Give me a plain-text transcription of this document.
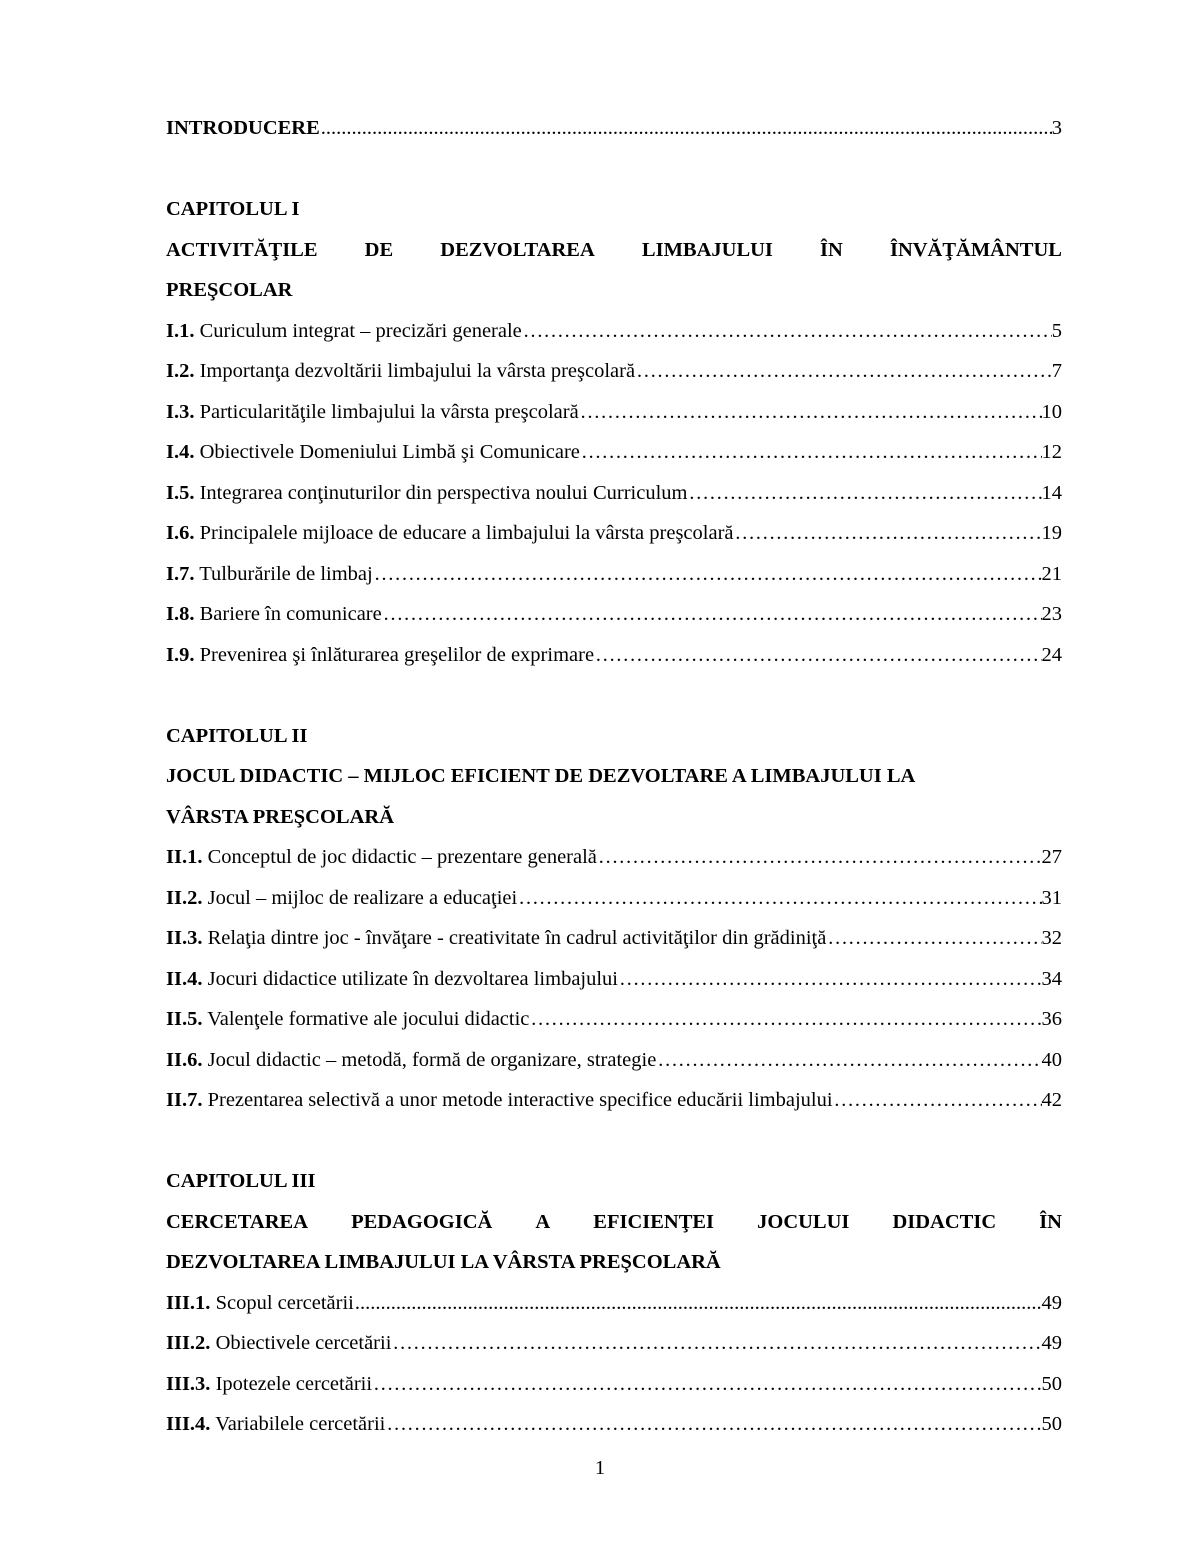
INTRODUCERE .....	3
CAPITOLUL I
ACTIVITĂŢILE DE DEZVOLTAREA LIMBAJULUI ÎN ÎNVĂŢĂMÂNTUL
PREŞCOLAR
I.1. Curiculum integrat – precizări generale ……………………………………………………………………………………………………………………………………………………………………………………………………………………	5
I.2. Importanţa dezvoltării limbajului la vârsta preşcolară ……………………………………………………………………………………………………………………………………………………………………………………………………………………	7
I.3. Particularităţile limbajului la vârsta preşcolară ……………………………………………………………………………………………………………………………………………………………………………………………………………………	10
I.4. Obiectivele Domeniului Limbă şi Comunicare ……………………………………………………………………………………………………………………………………………………………………………………………………………………	12
I.5. Integrarea conţinuturilor din perspectiva noului Curriculum ……………………………………………………………………………………………………………………………………………………………………………………………………………………	14
I.6. Principalele mijloace de educare a limbajului la vârsta preşcolară ……………………………………………………………………………………………………………………………………………………………………………………………………………………	19
I.7. Tulburările de limbaj ……………………………………………………………………………………………………………………………………………………………………………………………………………………	21
I.8. Bariere în comunicare ……………………………………………………………………………………………………………………………………………………………………………………………………………………	23
I.9. Prevenirea şi înlăturarea greşelilor de exprimare ……………………………………………………………………………………………………………………………………………………………………………………………………………………	24
CAPITOLUL II
JOCUL DIDACTIC – MIJLOC EFICIENT DE DEZVOLTARE A LIMBAJULUI LA
VÂRSTA PREŞCOLARĂ
II.1. Conceptul de joc didactic – prezentare generală ……………………………………………………………………………………………………………………………………………………………………………………………………………………	27
II.2. Jocul – mijloc de realizare a educaţiei ……………………………………………………………………………………………………………………………………………………………………………………………………………………	31
II.3. Relaţia dintre joc - învăţare - creativitate în cadrul activităţilor din grădiniţă ……………………………………………………………………………………………………………………………………………………………………………………………………………………	32
II.4. Jocuri didactice utilizate în dezvoltarea limbajului ……………………………………………………………………………………………………………………………………………………………………………………………………………………	34
II.5. Valenţele formative ale jocului didactic ……………………………………………………………………………………………………………………………………………………………………………………………………………………	36
II.6. Jocul didactic – metodă, formă de organizare, strategie ……………………………………………………………………………………………………………………………………………………………………………………………………………………	40
II.7. Prezentarea selectivă a unor metode interactive specifice educării limbajului ……………………………………………………………………………………………………………………………………………………………………………………………………………………	42
CAPITOLUL III
CERCETAREA PEDAGOGICĂ A EFICIENŢEI JOCULUI DIDACTIC ÎN
DEZVOLTAREA LIMBAJULUI LA VÂRSTA PREŞCOLARĂ
III.1. Scopul cercetării .....	49
III.2. Obiectivele cercetării ……………………………………………………………………………………………………………………………………………………………………………………………………………………	49
III.3. Ipotezele cercetării ……………………………………………………………………………………………………………………………………………………………………………………………………………………	50
III.4. Variabilele cercetării ……………………………………………………………………………………………………………………………………………………………………………………………………………………	50
1
